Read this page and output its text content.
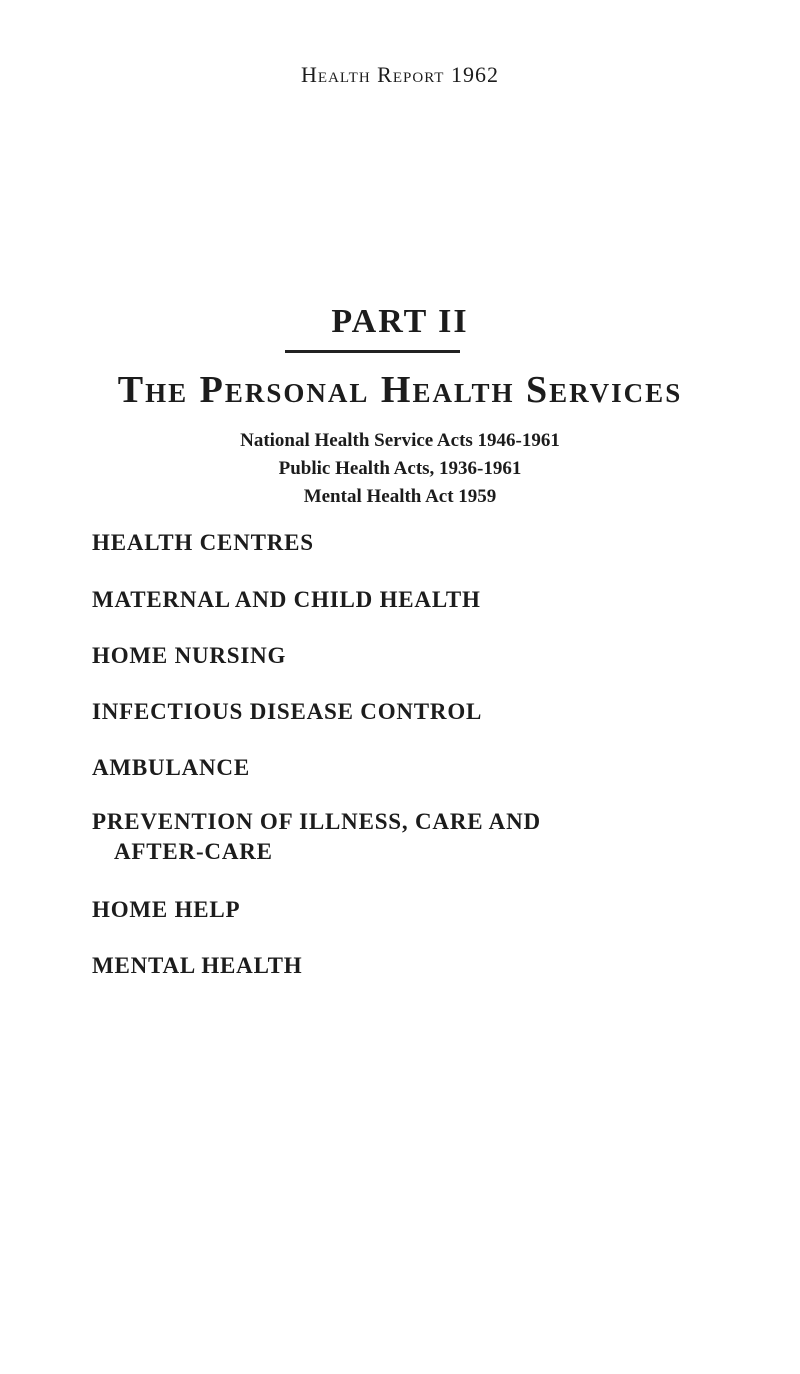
Health Report 1962
PART II
The Personal Health Services
National Health Service Acts 1946-1961
Public Health Acts, 1936-1961
Mental Health Act 1959
HEALTH CENTRES
MATERNAL AND CHILD HEALTH
HOME NURSING
INFECTIOUS DISEASE CONTROL
AMBULANCE
PREVENTION OF ILLNESS, CARE AND
AFTER-CARE
HOME HELP
MENTAL HEALTH
